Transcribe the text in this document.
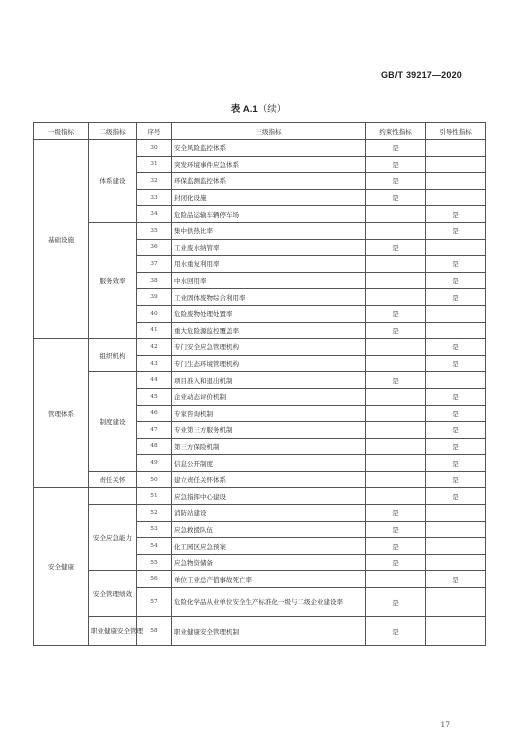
GB/T 39217—2020
表 A.1（续）
一级指标	二级指标	序号	三级指标	约束性指标	引导性指标
基础设施	体系建设	30	安全风险监控体系	是	
		31	突发环境事件应急体系	是	
		32	环保监测监控体系	是	
		33	封闭化设施	是	
		34	危险品运输车辆停车场		是
	服务效率	35	集中供热比率		是
		36	工业废水纳管率	是	
		37	用水重复利用率		是
		38	中水回用率		是
		39	工业固体废物综合利用率		是
		40	危险废物处理处置率	是	
		41	重大危险源监控覆盖率	是	
管理体系	组织机构	42	专门安全应急管理机构		是
		43	专门生态环境管理机构		是
	制度建设	44	项目准入和退出机制	是	
		45	企业动态评价机制		是
		46	专家咨询机制		是
		47	专业第三方服务机制		是
		48	第三方保险机制		是
		49	信息公开制度		是
	责任关怀	50	建立责任关怀体系		是
安全健康		51	应急指挥中心建设		是
	安全应急能力	52	消防站建设	是	
		53	应急救援队伍	是	
		54	化工园区应急预案	是	
		55	应急物资储备	是	
	安全管理绩效	56	单位工业总产值事故死亡率		是
		57	危险化学品从业单位安全生产标准化一级与二级企业建设率	是	
	职业健康安全管理	58	职业健康安全管理机制	是	
17
